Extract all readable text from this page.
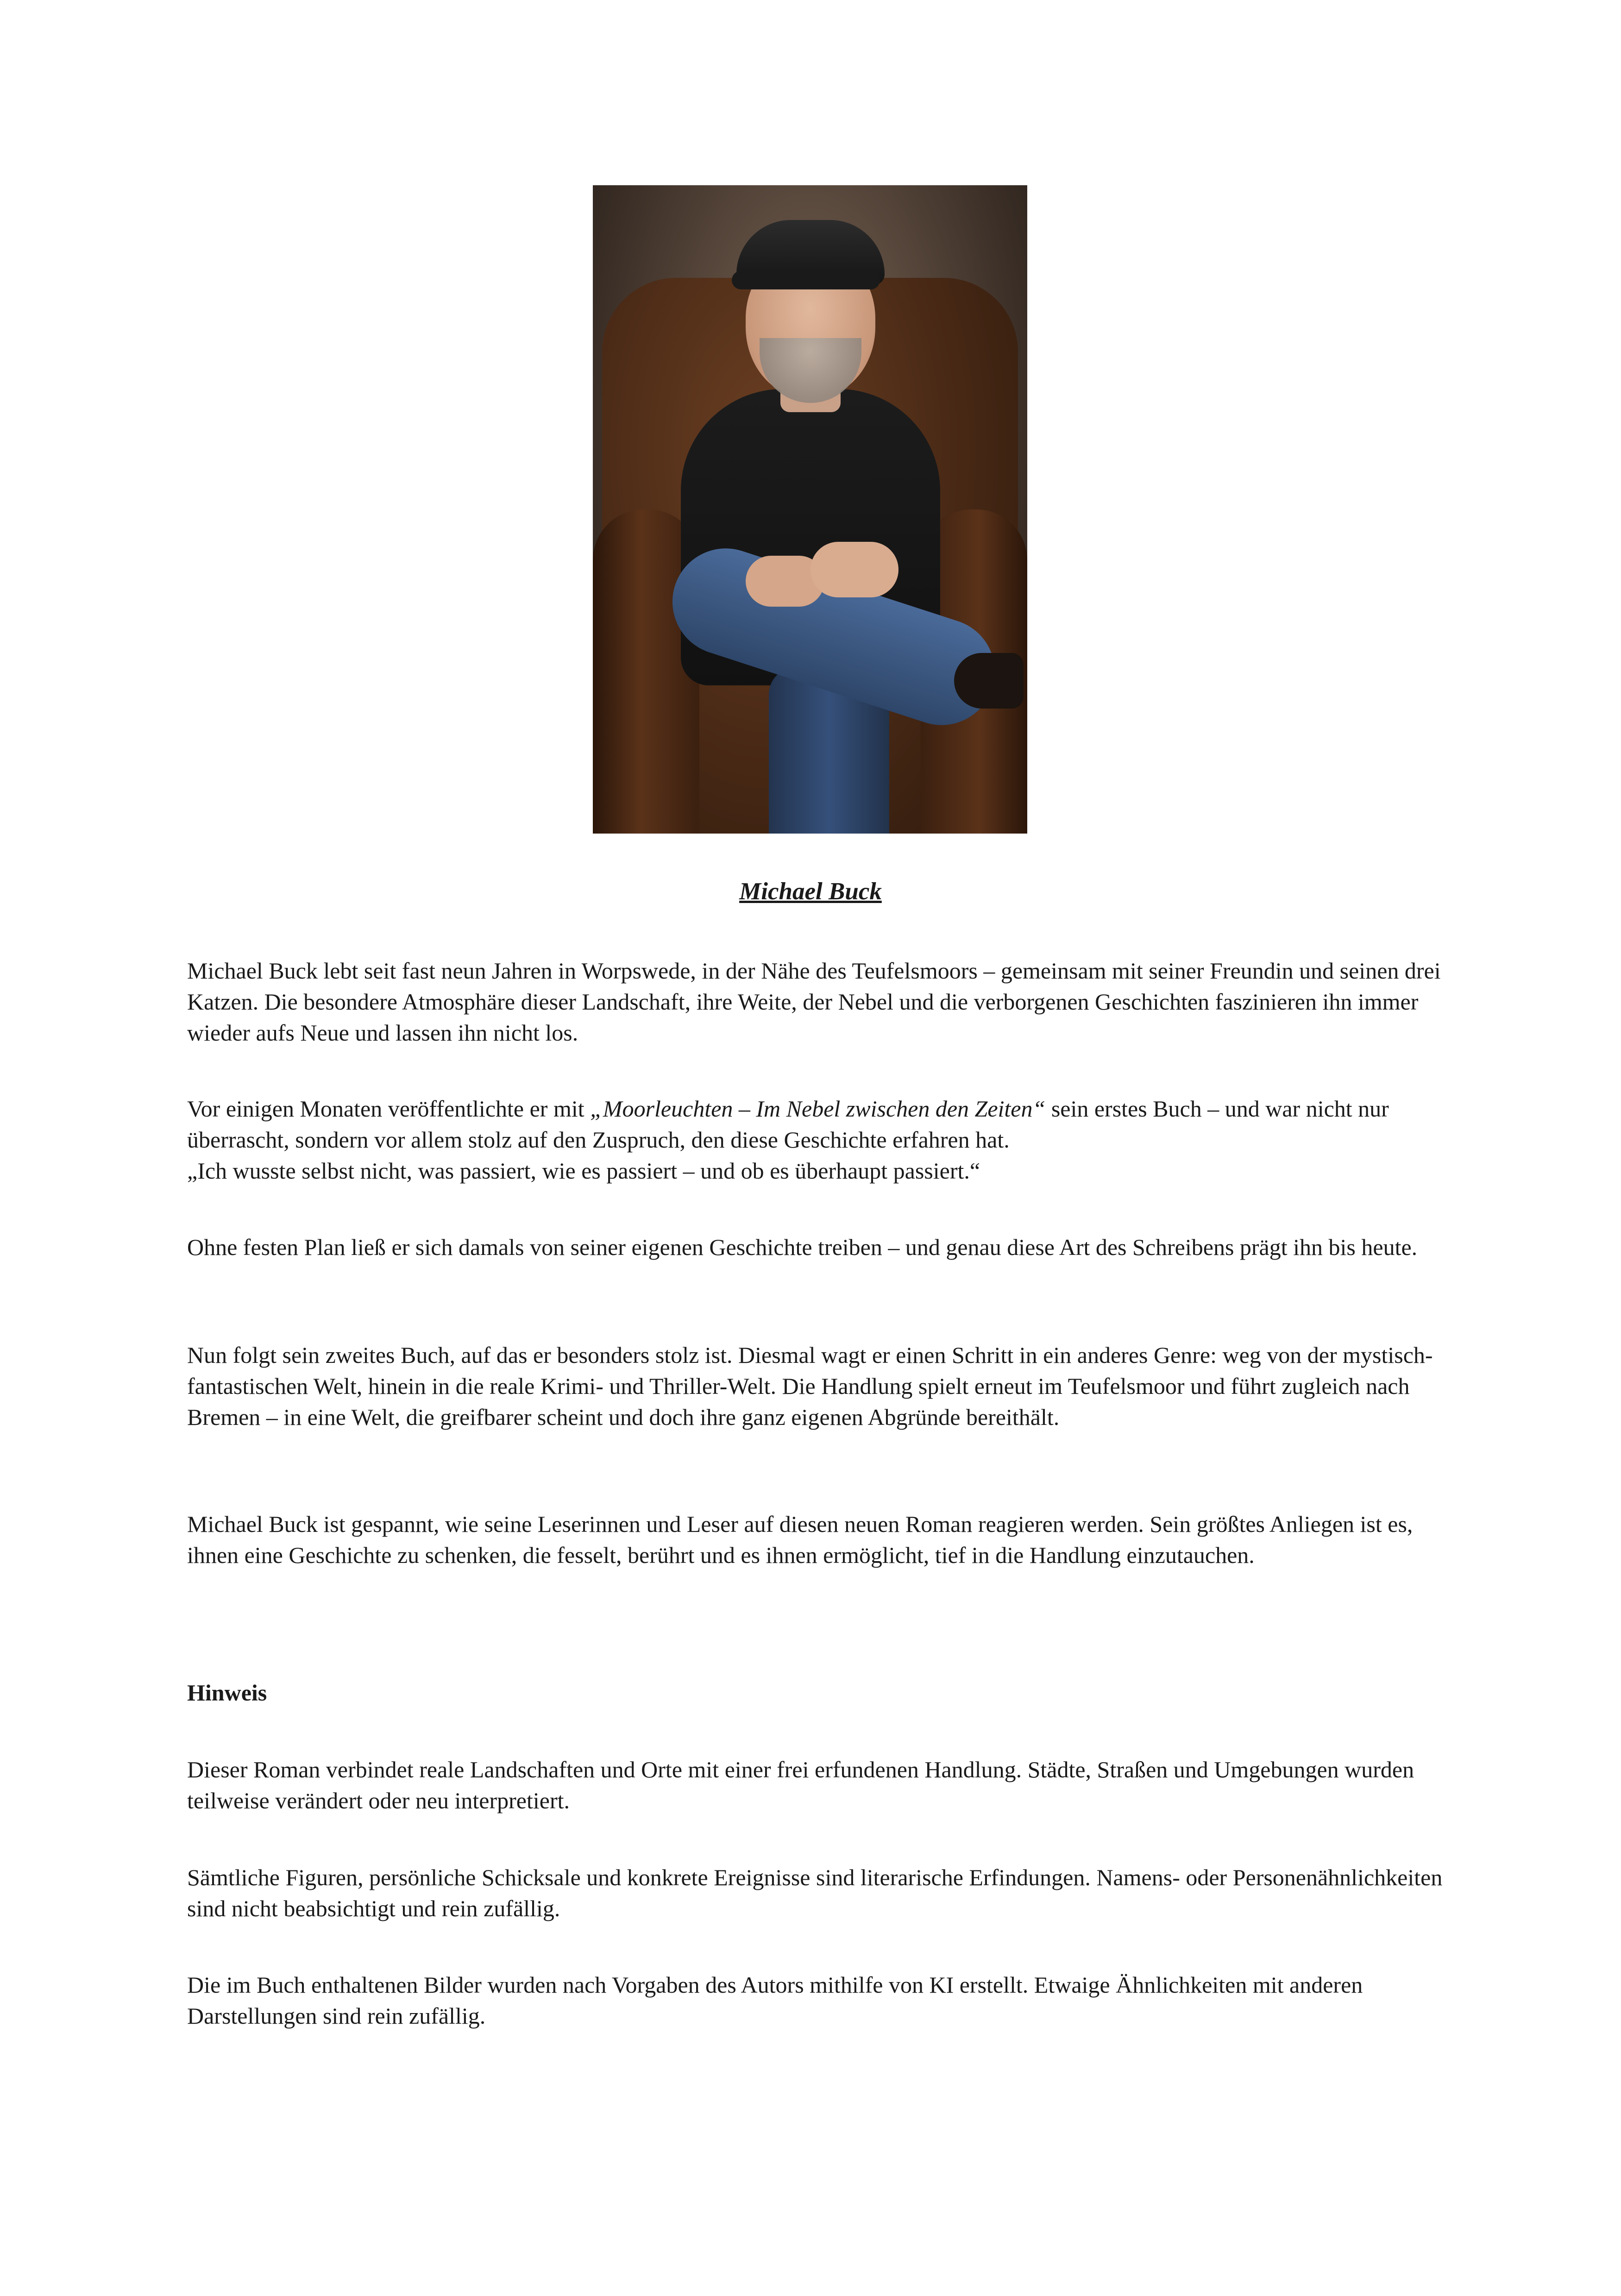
Michael Buck

Michael Buck lebt seit fast neun Jahren in Worpswede, in der Nähe des Teufelsmoors – gemeinsam mit seiner Freundin und seinen drei Katzen. Die besondere Atmosphäre dieser Landschaft, ihre Weite, der Nebel und die verborgenen Geschichten faszinieren ihn immer wieder aufs Neue und lassen ihn nicht los.

Vor einigen Monaten veröffentlichte er mit „Moorleuchten – Im Nebel zwischen den Zeiten“ sein erstes Buch – und war nicht nur überrascht, sondern vor allem stolz auf den Zuspruch, den diese Geschichte erfahren hat.
„Ich wusste selbst nicht, was passiert, wie es passiert – und ob es überhaupt passiert.“

Ohne festen Plan ließ er sich damals von seiner eigenen Geschichte treiben – und genau diese Art des Schreibens prägt ihn bis heute.

Nun folgt sein zweites Buch, auf das er besonders stolz ist. Diesmal wagt er einen Schritt in ein anderes Genre: weg von der mystisch-fantastischen Welt, hinein in die reale Krimi- und Thriller-Welt. Die Handlung spielt erneut im Teufelsmoor und führt zugleich nach Bremen – in eine Welt, die greifbarer scheint und doch ihre ganz eigenen Abgründe bereithält.

Michael Buck ist gespannt, wie seine Leserinnen und Leser auf diesen neuen Roman reagieren werden. Sein größtes Anliegen ist es, ihnen eine Geschichte zu schenken, die fesselt, berührt und es ihnen ermöglicht, tief in die Handlung einzutauchen.

Hinweis

Dieser Roman verbindet reale Landschaften und Orte mit einer frei erfundenen Handlung. Städte, Straßen und Umgebungen wurden teilweise verändert oder neu interpretiert.

Sämtliche Figuren, persönliche Schicksale und konkrete Ereignisse sind literarische Erfindungen. Namens- oder Personenähnlichkeiten sind nicht beabsichtigt und rein zufällig.

Die im Buch enthaltenen Bilder wurden nach Vorgaben des Autors mithilfe von KI erstellt. Etwaige Ähnlichkeiten mit anderen Darstellungen sind rein zufällig.
